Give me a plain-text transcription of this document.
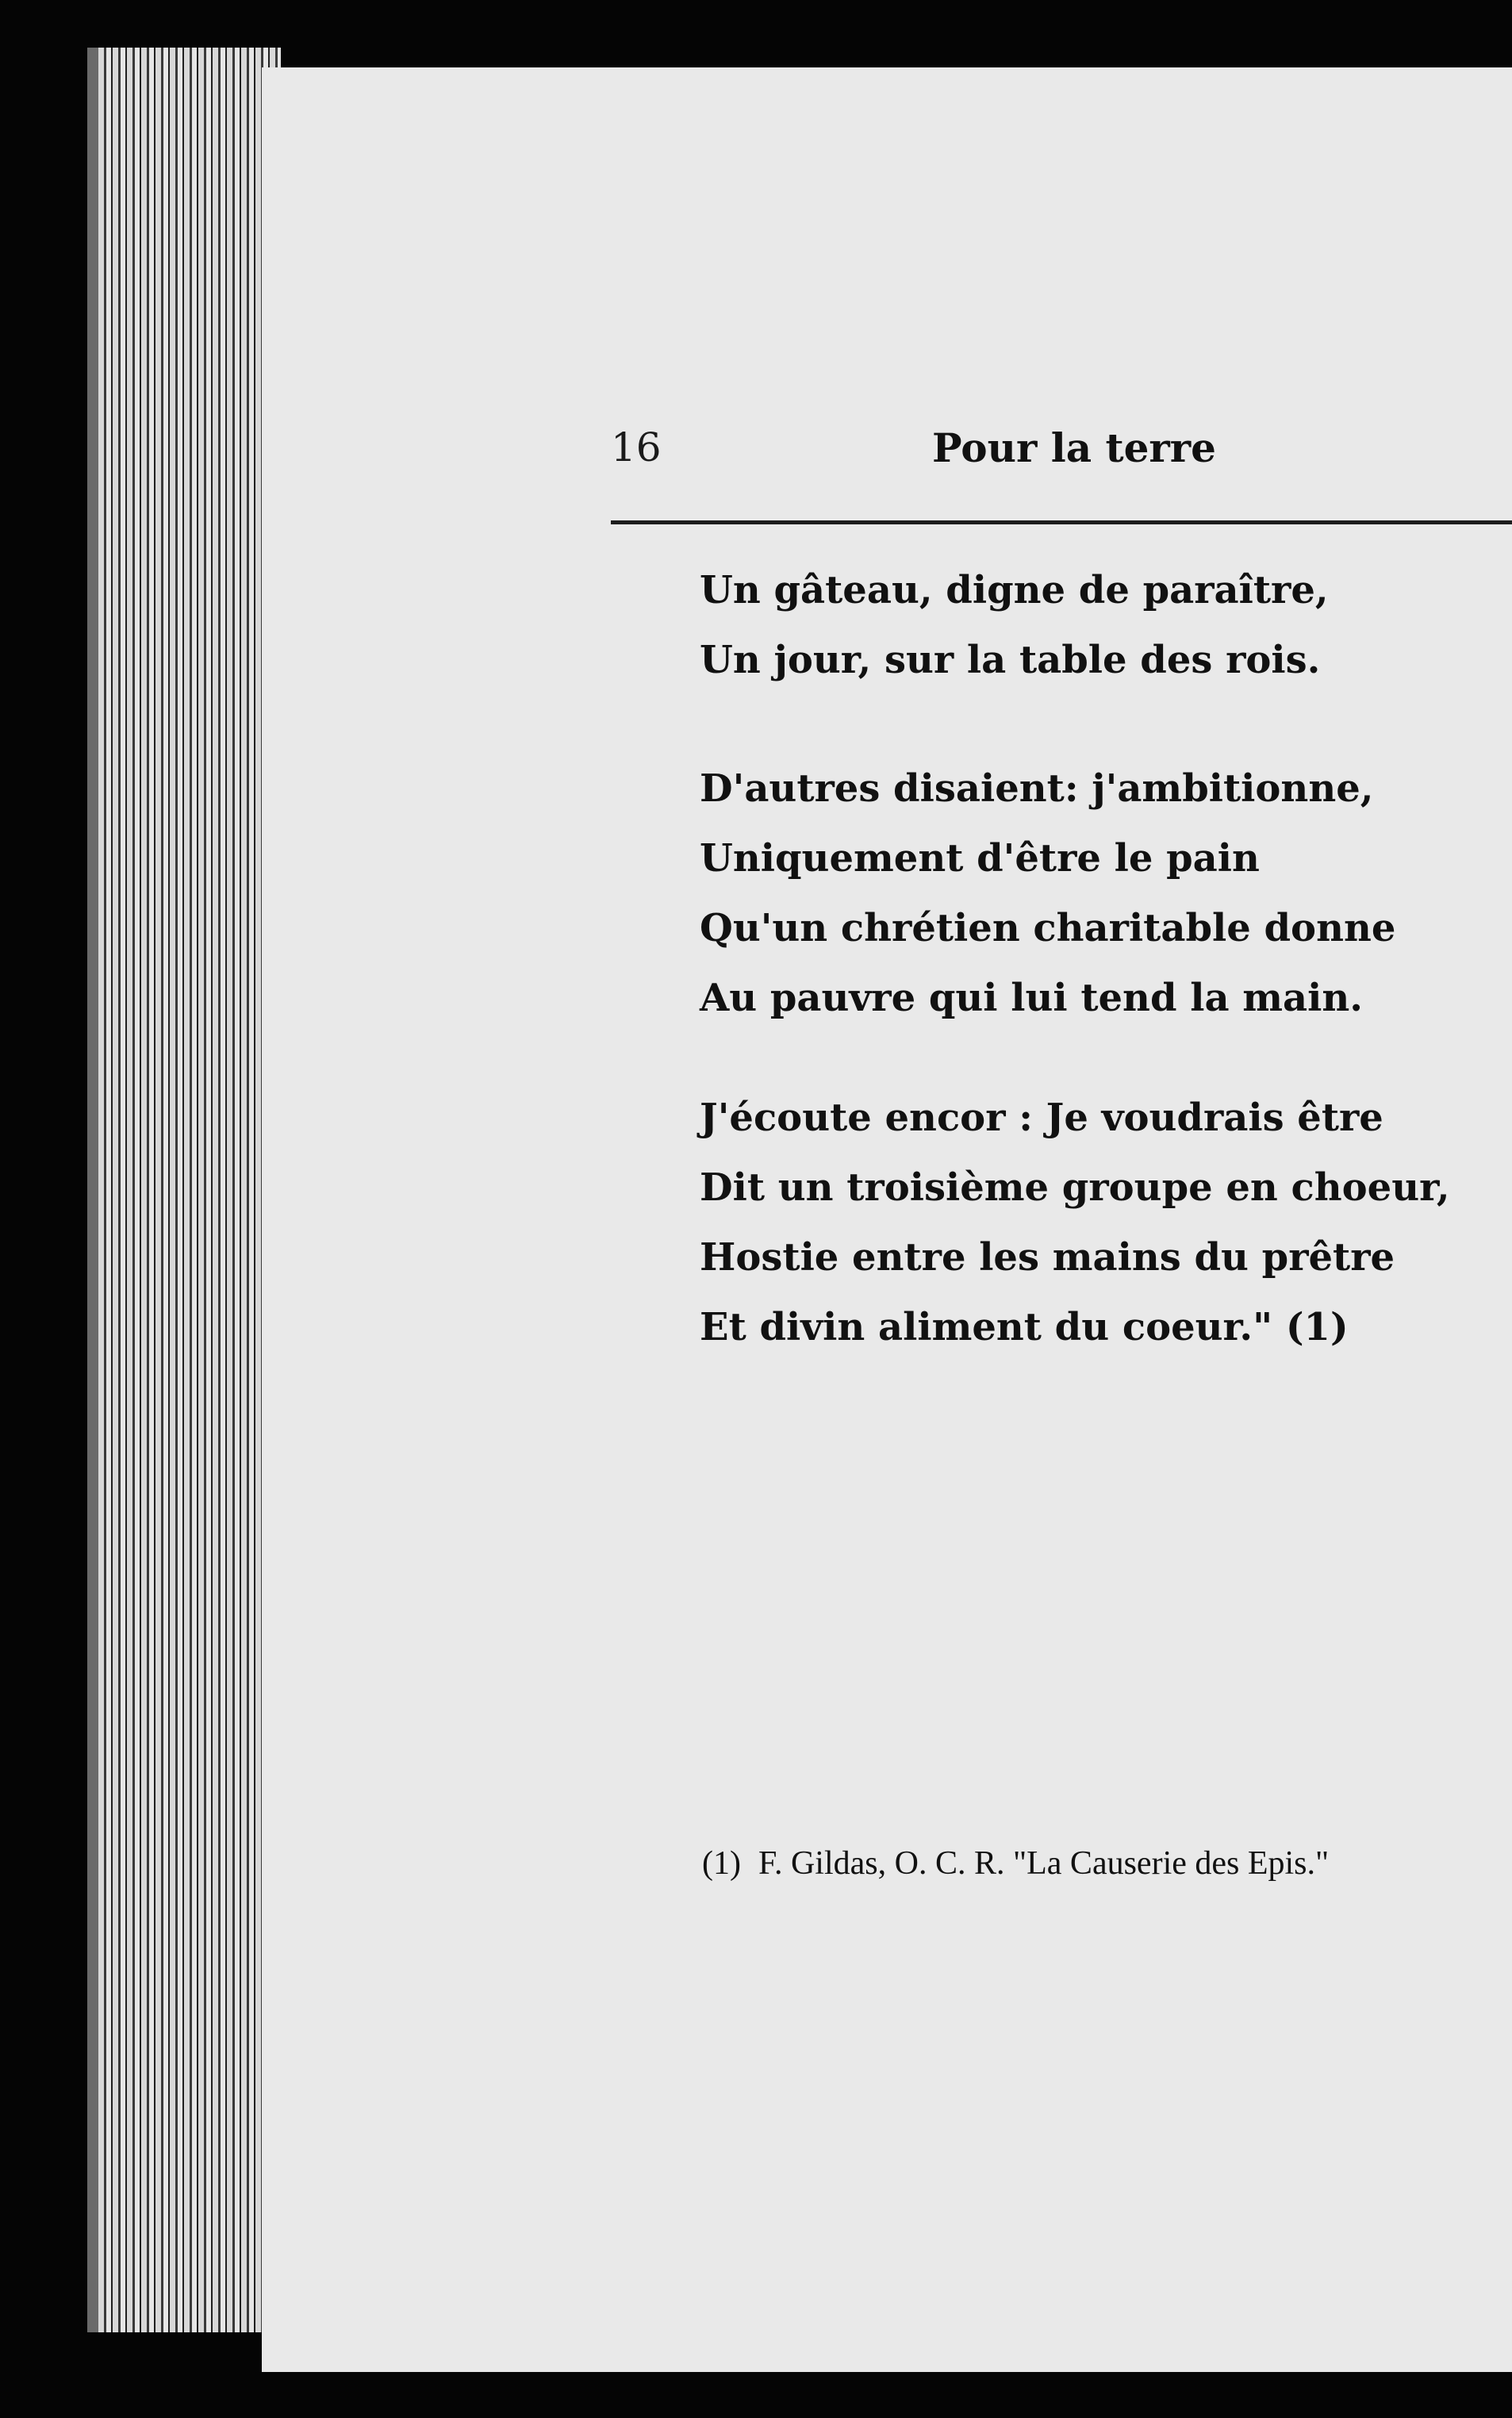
16	Pour la terre
Un gâteau, digne de paraître,
Un jour, sur la table des rois.
D'autres disaient: j'ambitionne,
Uniquement d'être le pain
Qu'un chrétien charitable donne
Au pauvre qui lui tend la main.
J'écoute encor : Je voudrais être
Dit un troisième groupe en choeur,
Hostie entre les mains du prêtre
Et divin aliment du coeur." (1)
(1) F. Gildas, O. C. R. "La Causerie des Epis."
